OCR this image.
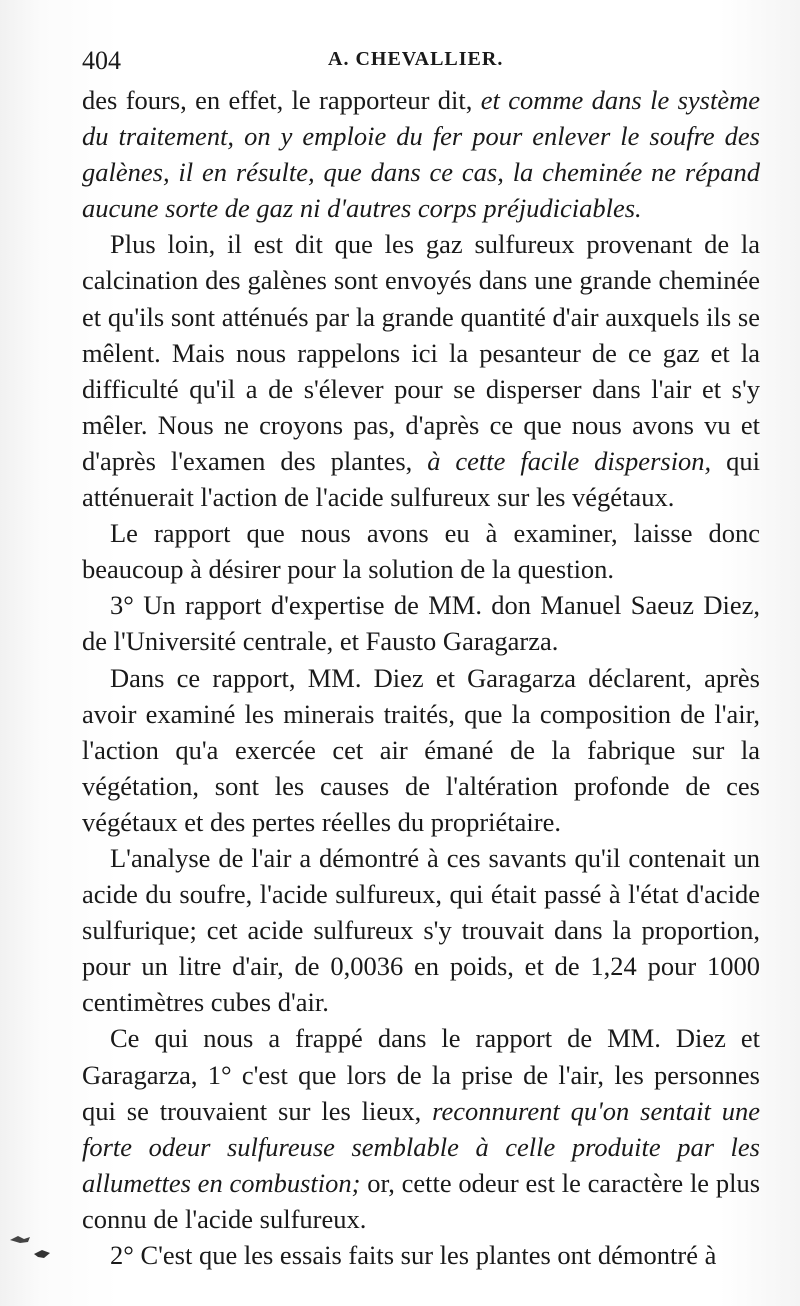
404	A. CHEVALLIER.

des fours, en effet, le rapporteur dit, et comme dans le système du traitement, on y emploie du fer pour enlever le soufre des galènes, il en résulte, que dans ce cas, la cheminée ne répand aucune sorte de gaz ni d'autres corps préjudiciables.

Plus loin, il est dit que les gaz sulfureux provenant de la calcination des galènes sont envoyés dans une grande cheminée et qu'ils sont atténués par la grande quantité d'air auxquels ils se mêlent. Mais nous rappelons ici la pesanteur de ce gaz et la difficulté qu'il a de s'élever pour se disperser dans l'air et s'y mêler. Nous ne croyons pas, d'après ce que nous avons vu et d'après l'examen des plantes, à cette facile dispersion, qui atténuerait l'action de l'acide sulfureux sur les végétaux.

Le rapport que nous avons eu à examiner, laisse donc beaucoup à désirer pour la solution de la question.

3° Un rapport d'expertise de MM. don Manuel Saeuz Diez, de l'Université centrale, et Fausto Garagarza.

Dans ce rapport, MM. Diez et Garagarza déclarent, après avoir examiné les minerais traités, que la composition de l'air, l'action qu'a exercée cet air émané de la fabrique sur la végétation, sont les causes de l'altération profonde de ces végétaux et des pertes réelles du propriétaire.

L'analyse de l'air a démontré à ces savants qu'il contenait un acide du soufre, l'acide sulfureux, qui était passé à l'état d'acide sulfurique; cet acide sulfureux s'y trouvait dans la proportion, pour un litre d'air, de 0,0036 en poids, et de 1,24 pour 1000 centimètres cubes d'air.

Ce qui nous a frappé dans le rapport de MM. Diez et Garagarza, 1° c'est que lors de la prise de l'air, les personnes qui se trouvaient sur les lieux, reconnurent qu'on sentait une forte odeur sulfureuse semblable à celle produite par les allumettes en combustion; or, cette odeur est le caractère le plus connu de l'acide sulfureux.

2° C'est que les essais faits sur les plantes ont démontré à
